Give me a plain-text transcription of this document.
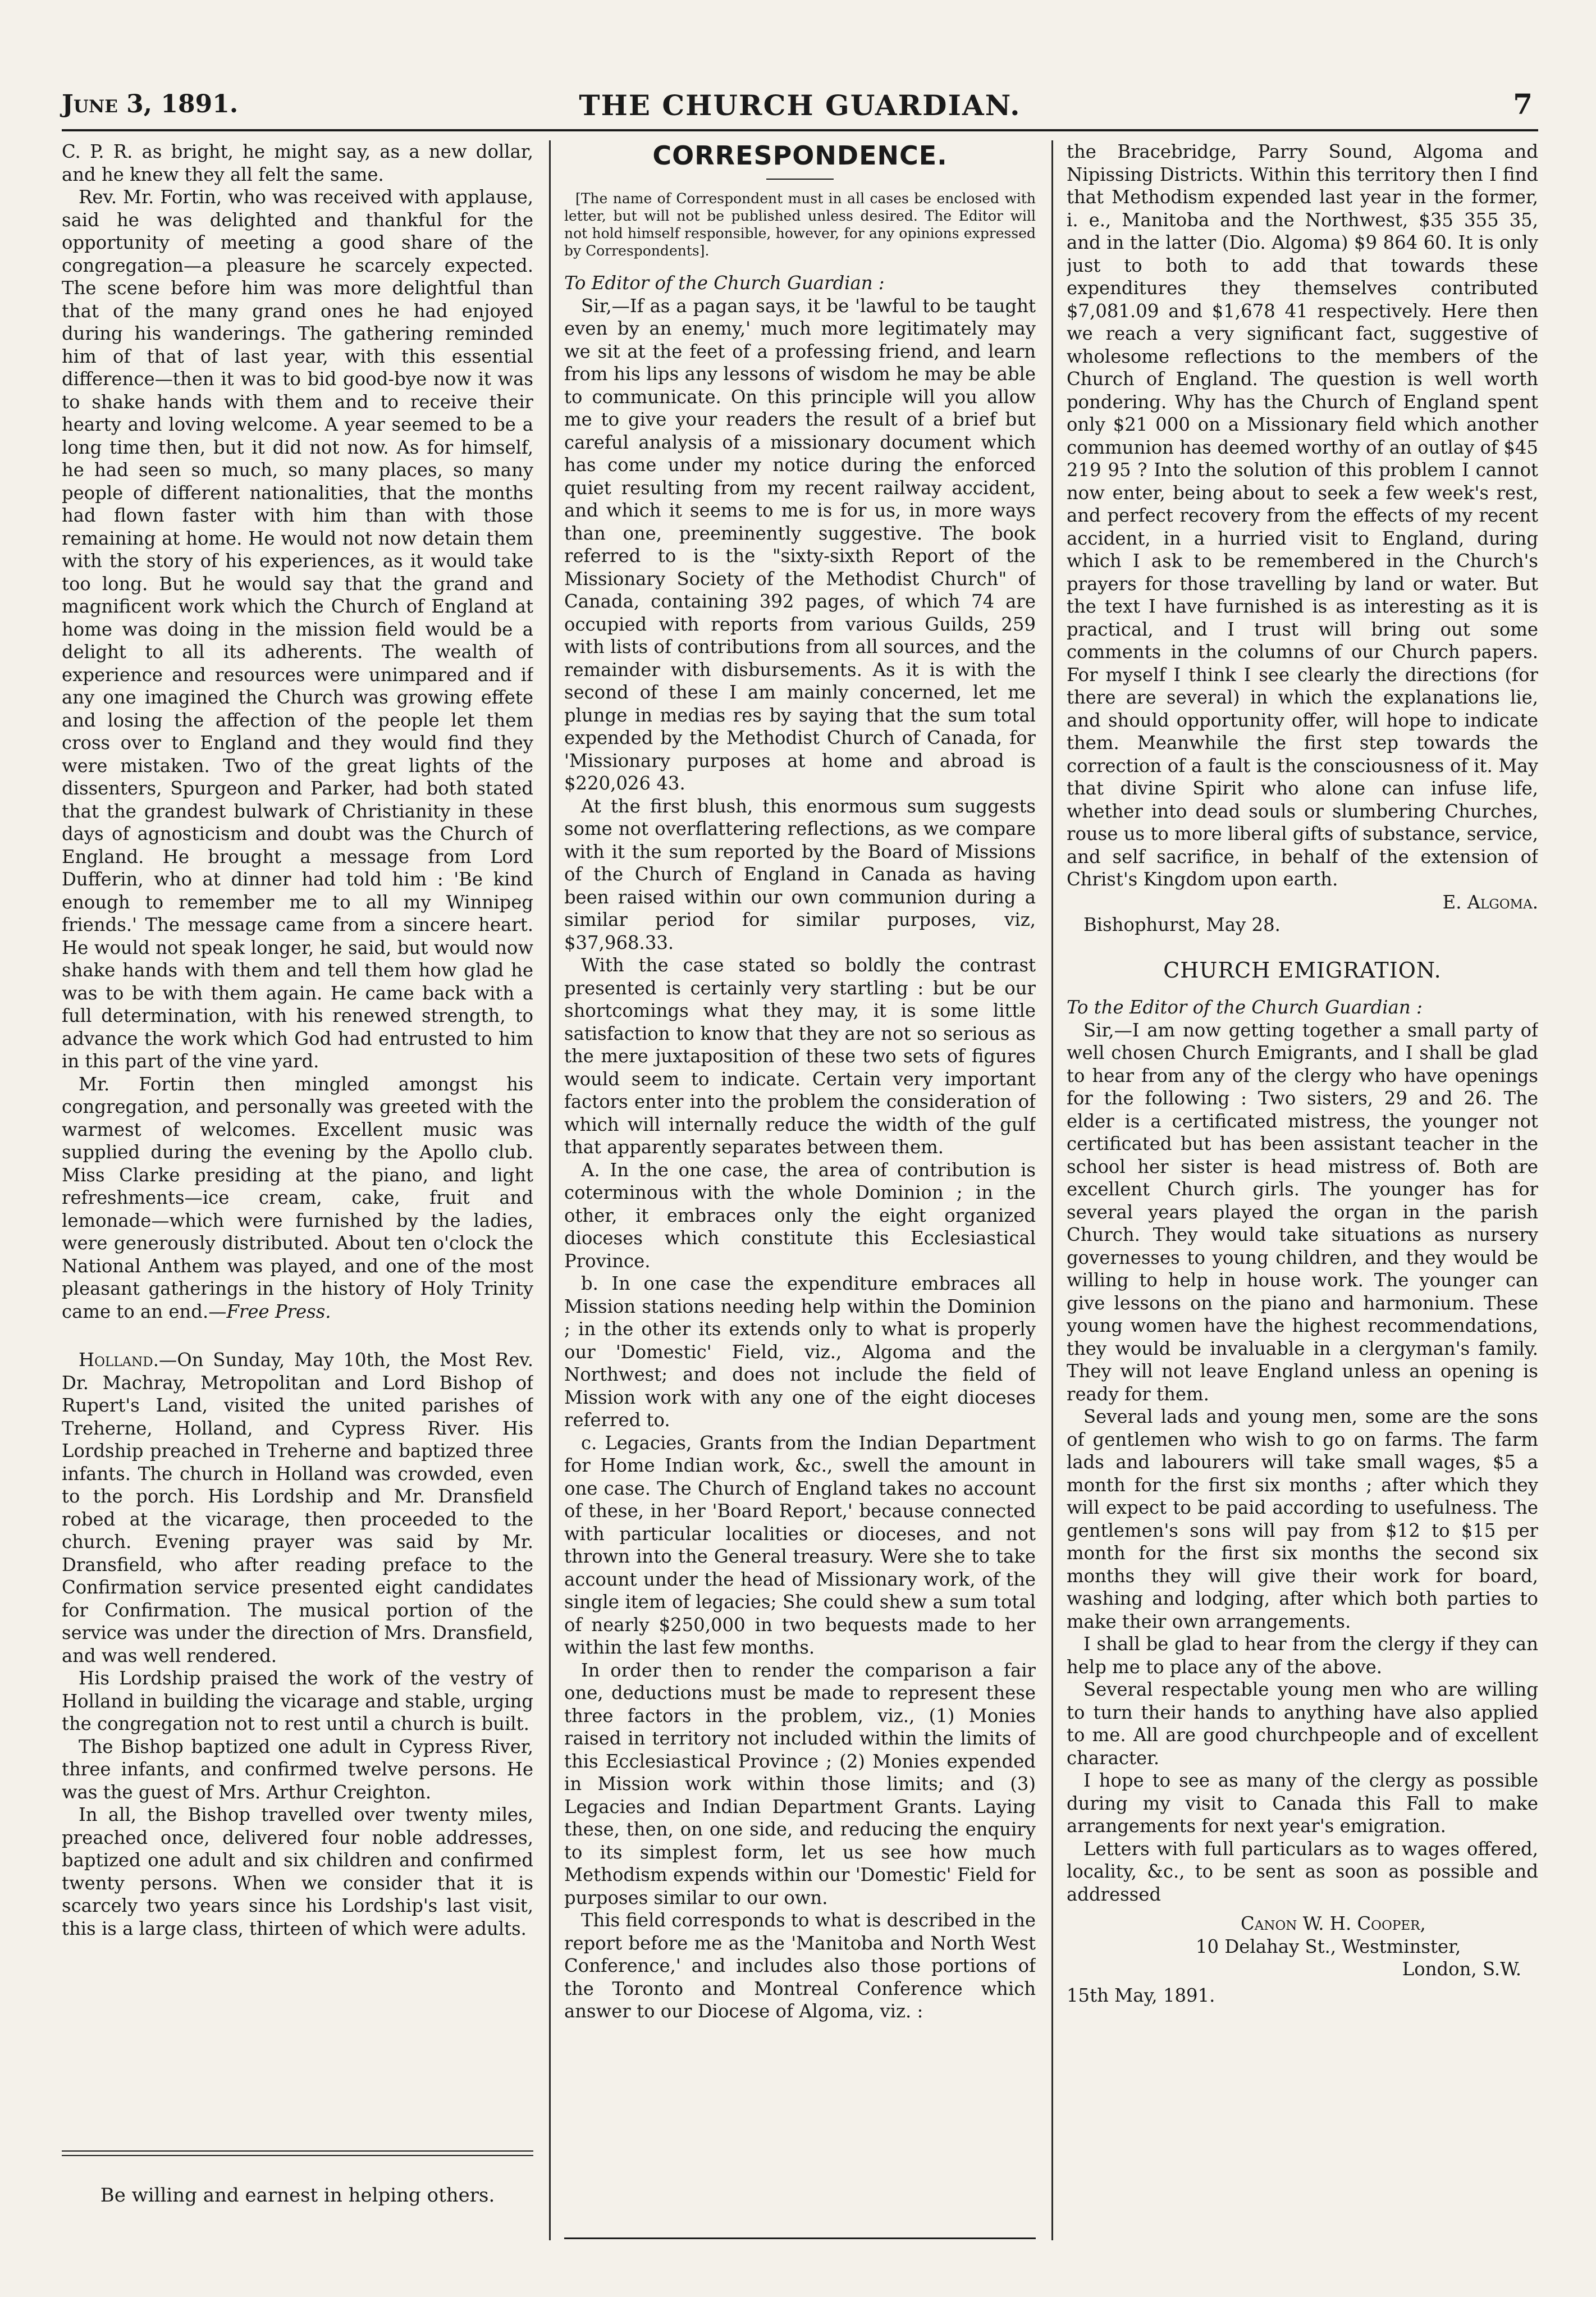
June 3, 1891.	THE CHURCH GUARDIAN.	7

C. P. R. as bright, he might say, as a new dollar, and he knew they all felt the same.

Rev. Mr. Fortin, who was received with applause, said he was delighted and thankful for the opportunity of meeting a good share of the congregation—a pleasure he scarcely expected. The scene before him was more delightful than that of the many grand ones he had enjoyed during his wanderings. The gathering reminded him of that of last year, with this essential difference—then it was to bid good-bye now it was to shake hands with them and to receive their hearty and loving welcome. A year seemed to be a long time then, but it did not now. As for himself, he had seen so much, so many places, so many people of different nationalities, that the months had flown faster with him than with those remaining at home. He would not now detain them with the story of his experiences, as it would take too long. But he would say that the grand and magnificent work which the Church of England at home was doing in the mission field would be a delight to all its adherents. The wealth of experience and resources were unimpared and if any one imagined the Church was growing effete and losing the affection of the people let them cross over to England and they would find they were mistaken. Two of the great lights of the dissenters, Spurgeon and Parker, had both stated that the grandest bulwark of Christianity in these days of agnosticism and doubt was the Church of England. He brought a message from Lord Dufferin, who at dinner had told him : 'Be kind enough to remember me to all my Winnipeg friends.' The message came from a sincere heart. He would not speak longer, he said, but would now shake hands with them and tell them how glad he was to be with them again. He came back with a full determination, with his renewed strength, to advance the work which God had entrusted to him in this part of the vine yard.

Mr. Fortin then mingled amongst his congregation, and personally was greeted with the warmest of welcomes. Excellent music was supplied during the evening by the Apollo club. Miss Clarke presiding at the piano, and light refreshments—ice cream, cake, fruit and lemonade—which were furnished by the ladies, were generously distributed. About ten o'clock the National Anthem was played, and one of the most pleasant gatherings in the history of Holy Trinity came to an end.—Free Press.

Holland.—On Sunday, May 10th, the Most Rev. Dr. Machray, Metropolitan and Lord Bishop of Rupert's Land, visited the united parishes of Treherne, Holland, and Cypress River. His Lordship preached in Treherne and baptized three infants. The church in Holland was crowded, even to the porch. His Lordship and Mr. Dransfield robed at the vicarage, then proceeded to the church. Evening prayer was said by Mr. Dransfield, who after reading preface to the Confirmation service presented eight candidates for Confirmation. The musical portion of the service was under the direction of Mrs. Dransfield, and was well rendered.

His Lordship praised the work of the vestry of Holland in building the vicarage and stable, urging the congregation not to rest until a church is built.

The Bishop baptized one adult in Cypress River, three infants, and confirmed twelve persons. He was the guest of Mrs. Arthur Creighton.

In all, the Bishop travelled over twenty miles, preached once, delivered four noble addresses, baptized one adult and six children and confirmed twenty persons. When we consider that it is scarcely two years since his Lordship's last visit, this is a large class, thirteen of which were adults.

Be willing and earnest in helping others.

CORRESPONDENCE.

[The name of Correspondent must in all cases be enclosed with letter, but will not be published unless desired. The Editor will not hold himself responsible, however, for any opinions expressed by Correspondents].

To Editor of the Church Guardian :

Sir,—If as a pagan says, it be 'lawful to be taught even by an enemy,' much more legitimately may we sit at the feet of a professing friend, and learn from his lips any lessons of wisdom he may be able to communicate. On this principle will you allow me to give your readers the result of a brief but careful analysis of a missionary document which has come under my notice during the enforced quiet resulting from my recent railway accident, and which it seems to me is for us, in more ways than one, preeminently suggestive. The book referred to is the "sixty-sixth Report of the Missionary Society of the Methodist Church" of Canada, containing 392 pages, of which 74 are occupied with reports from various Guilds, 259 with lists of contributions from all sources, and the remainder with disbursements. As it is with the second of these I am mainly concerned, let me plunge in medias res by saying that the sum total expended by the Methodist Church of Canada, for 'Missionary purposes at home and abroad is $220,026 43.

At the first blush, this enormous sum suggests some not overflattering reflections, as we compare with it the sum reported by the Board of Missions of the Church of England in Canada as having been raised within our own communion during a similar period for similar purposes, viz, $37,968.33.

With the case stated so boldly the contrast presented is certainly very startling : but be our shortcomings what they may, it is some little satisfaction to know that they are not so serious as the mere juxtaposition of these two sets of figures would seem to indicate. Certain very important factors enter into the problem the consideration of which will internally reduce the width of the gulf that apparently separates between them.

A. In the one case, the area of contribution is coterminous with the whole Dominion ; in the other, it embraces only the eight organized dioceses which constitute this Ecclesiastical Province.

b. In one case the expenditure embraces all Mission stations needing help within the Dominion ; in the other its extends only to what is properly our 'Domestic' Field, viz., Algoma and the Northwest; and does not include the field of Mission work with any one of the eight dioceses referred to.

c. Legacies, Grants from the Indian Department for Home Indian work, &c., swell the amount in one case. The Church of England takes no account of these, in her 'Board Report,' because connected with particular localities or dioceses, and not thrown into the General treasury. Were she to take account under the head of Missionary work, of the single item of legacies; She could shew a sum total of nearly $250,000 in two bequests made to her within the last few months.

In order then to render the comparison a fair one, deductions must be made to represent these three factors in the problem, viz., (1) Monies raised in territory not included within the limits of this Ecclesiastical Province ; (2) Monies expended in Mission work within those limits; and (3) Legacies and Indian Department Grants. Laying these, then, on one side, and reducing the enquiry to its simplest form, let us see how much Methodism expends within our 'Domestic' Field for purposes similar to our own.

This field corresponds to what is described in the report before me as the 'Manitoba and North West Conference,' and includes also those portions of the Toronto and Montreal Conference which answer to our Diocese of Algoma, viz. :

the Bracebridge, Parry Sound, Algoma and Nipissing Districts. Within this territory then I find that Methodism expended last year in the former, i. e., Manitoba and the Northwest, $35 355 35, and in the latter (Dio. Algoma) $9 864 60. It is only just to both to add that towards these expenditures they themselves contributed $7,081.09 and $1,678 41 respectively. Here then we reach a very significant fact, suggestive of wholesome reflections to the members of the Church of England. The question is well worth pondering. Why has the Church of England spent only $21 000 on a Missionary field which another communion has deemed worthy of an outlay of $45 219 95 ? Into the solution of this problem I cannot now enter, being about to seek a few week's rest, and perfect recovery from the effects of my recent accident, in a hurried visit to England, during which I ask to be remembered in the Church's prayers for those travelling by land or water. But the text I have furnished is as interesting as it is practical, and I trust will bring out some comments in the columns of our Church papers. For myself I think I see clearly the directions (for there are several) in which the explanations lie, and should opportunity offer, will hope to indicate them. Meanwhile the first step towards the correction of a fault is the consciousness of it. May that divine Spirit who alone can infuse life, whether into dead souls or slumbering Churches, rouse us to more liberal gifts of substance, service, and self sacrifice, in behalf of the extension of Christ's Kingdom upon earth.

E. Algoma.

Bishophurst, May 28.

CHURCH EMIGRATION.

To the Editor of the Church Guardian :

Sir,—I am now getting together a small party of well chosen Church Emigrants, and I shall be glad to hear from any of the clergy who have openings for the following : Two sisters, 29 and 26. The elder is a certificated mistress, the younger not certificated but has been assistant teacher in the school her sister is head mistress of. Both are excellent Church girls. The younger has for several years played the organ in the parish Church. They would take situations as nursery governesses to young children, and they would be willing to help in house work. The younger can give lessons on the piano and harmonium. These young women have the highest recommendations, they would be invaluable in a clergyman's family. They will not leave England unless an opening is ready for them.

Several lads and young men, some are the sons of gentlemen who wish to go on farms. The farm lads and labourers will take small wages, $5 a month for the first six months ; after which they will expect to be paid according to usefulness. The gentlemen's sons will pay from $12 to $15 per month for the first six months the second six months they will give their work for board, washing and lodging, after which both parties to make their own arrangements.

I shall be glad to hear from the clergy if they can help me to place any of the above.

Several respectable young men who are willing to turn their hands to anything have also applied to me. All are good churchpeople and of excellent character.

I hope to see as many of the clergy as possible during my visit to Canada this Fall to make arrangements for next year's emigration.

Letters with full particulars as to wages offered, locality, &c., to be sent as soon as possible and addressed

Canon W. H. Cooper,

10 Delahay St., Westminster,

London, S.W.

15th May, 1891.
